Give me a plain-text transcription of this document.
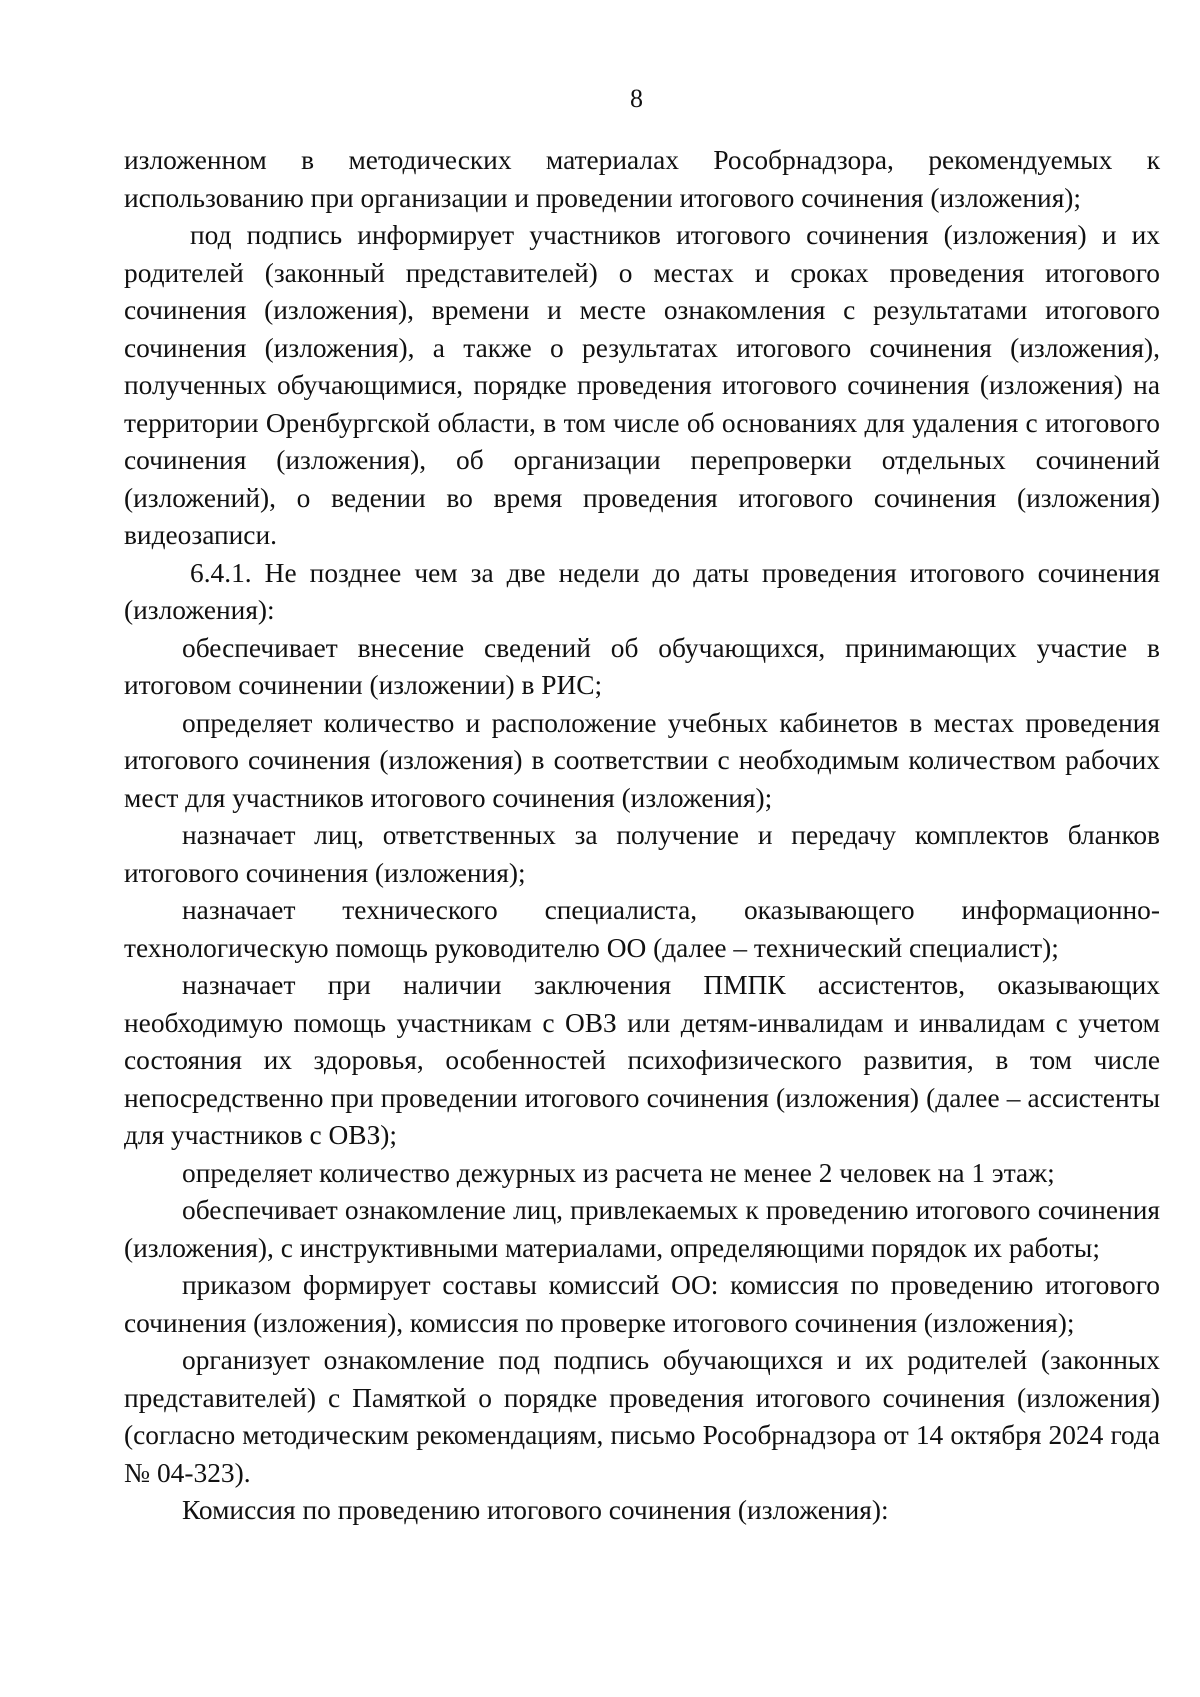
8

изложенном в методических материалах Рособрнадзора, рекомендуемых к использованию при организации и проведении итогового сочинения (изложения);

под подпись информирует участников итогового сочинения (изложения) и их родителей (законный представителей) о местах и сроках проведения итогового сочинения (изложения), времени и месте ознакомления с результатами итогового сочинения (изложения), а также о результатах итогового сочинения (изложения), полученных обучающимися, порядке проведения итогового сочинения (изложения) на территории Оренбургской области, в том числе об основаниях для удаления с итогового сочинения (изложения), об организации перепроверки отдельных сочинений (изложений), о ведении во время проведения итогового сочинения (изложения) видеозаписи.

6.4.1. Не позднее чем за две недели до даты проведения итогового сочинения (изложения):

обеспечивает внесение сведений об обучающихся, принимающих участие в итоговом сочинении (изложении) в РИС;

определяет количество и расположение учебных кабинетов в местах проведения итогового сочинения (изложения) в соответствии с необходимым количеством рабочих мест для участников итогового сочинения (изложения);

назначает лиц, ответственных за получение и передачу комплектов бланков итогового сочинения (изложения);

назначает технического специалиста, оказывающего информационно-технологическую помощь руководителю ОО (далее – технический специалист);

назначает при наличии заключения ПМПК ассистентов, оказывающих необходимую помощь участникам с ОВЗ или детям-инвалидам и инвалидам с учетом состояния их здоровья, особенностей психофизического развития, в том числе непосредственно при проведении итогового сочинения (изложения) (далее – ассистенты для участников с ОВЗ);

определяет количество дежурных из расчета не менее 2 человек на 1 этаж;

обеспечивает ознакомление лиц, привлекаемых к проведению итогового сочинения (изложения), с инструктивными материалами, определяющими порядок их работы;

приказом формирует составы комиссий ОО: комиссия по проведению итогового сочинения (изложения), комиссия по проверке итогового сочинения (изложения);

организует ознакомление под подпись обучающихся и их родителей (законных представителей) с Памяткой о порядке проведения итогового сочинения (изложения) (согласно методическим рекомендациям, письмо Рособрнадзора от 14 октября 2024 года № 04-323).

Комиссия по проведению итогового сочинения (изложения):
